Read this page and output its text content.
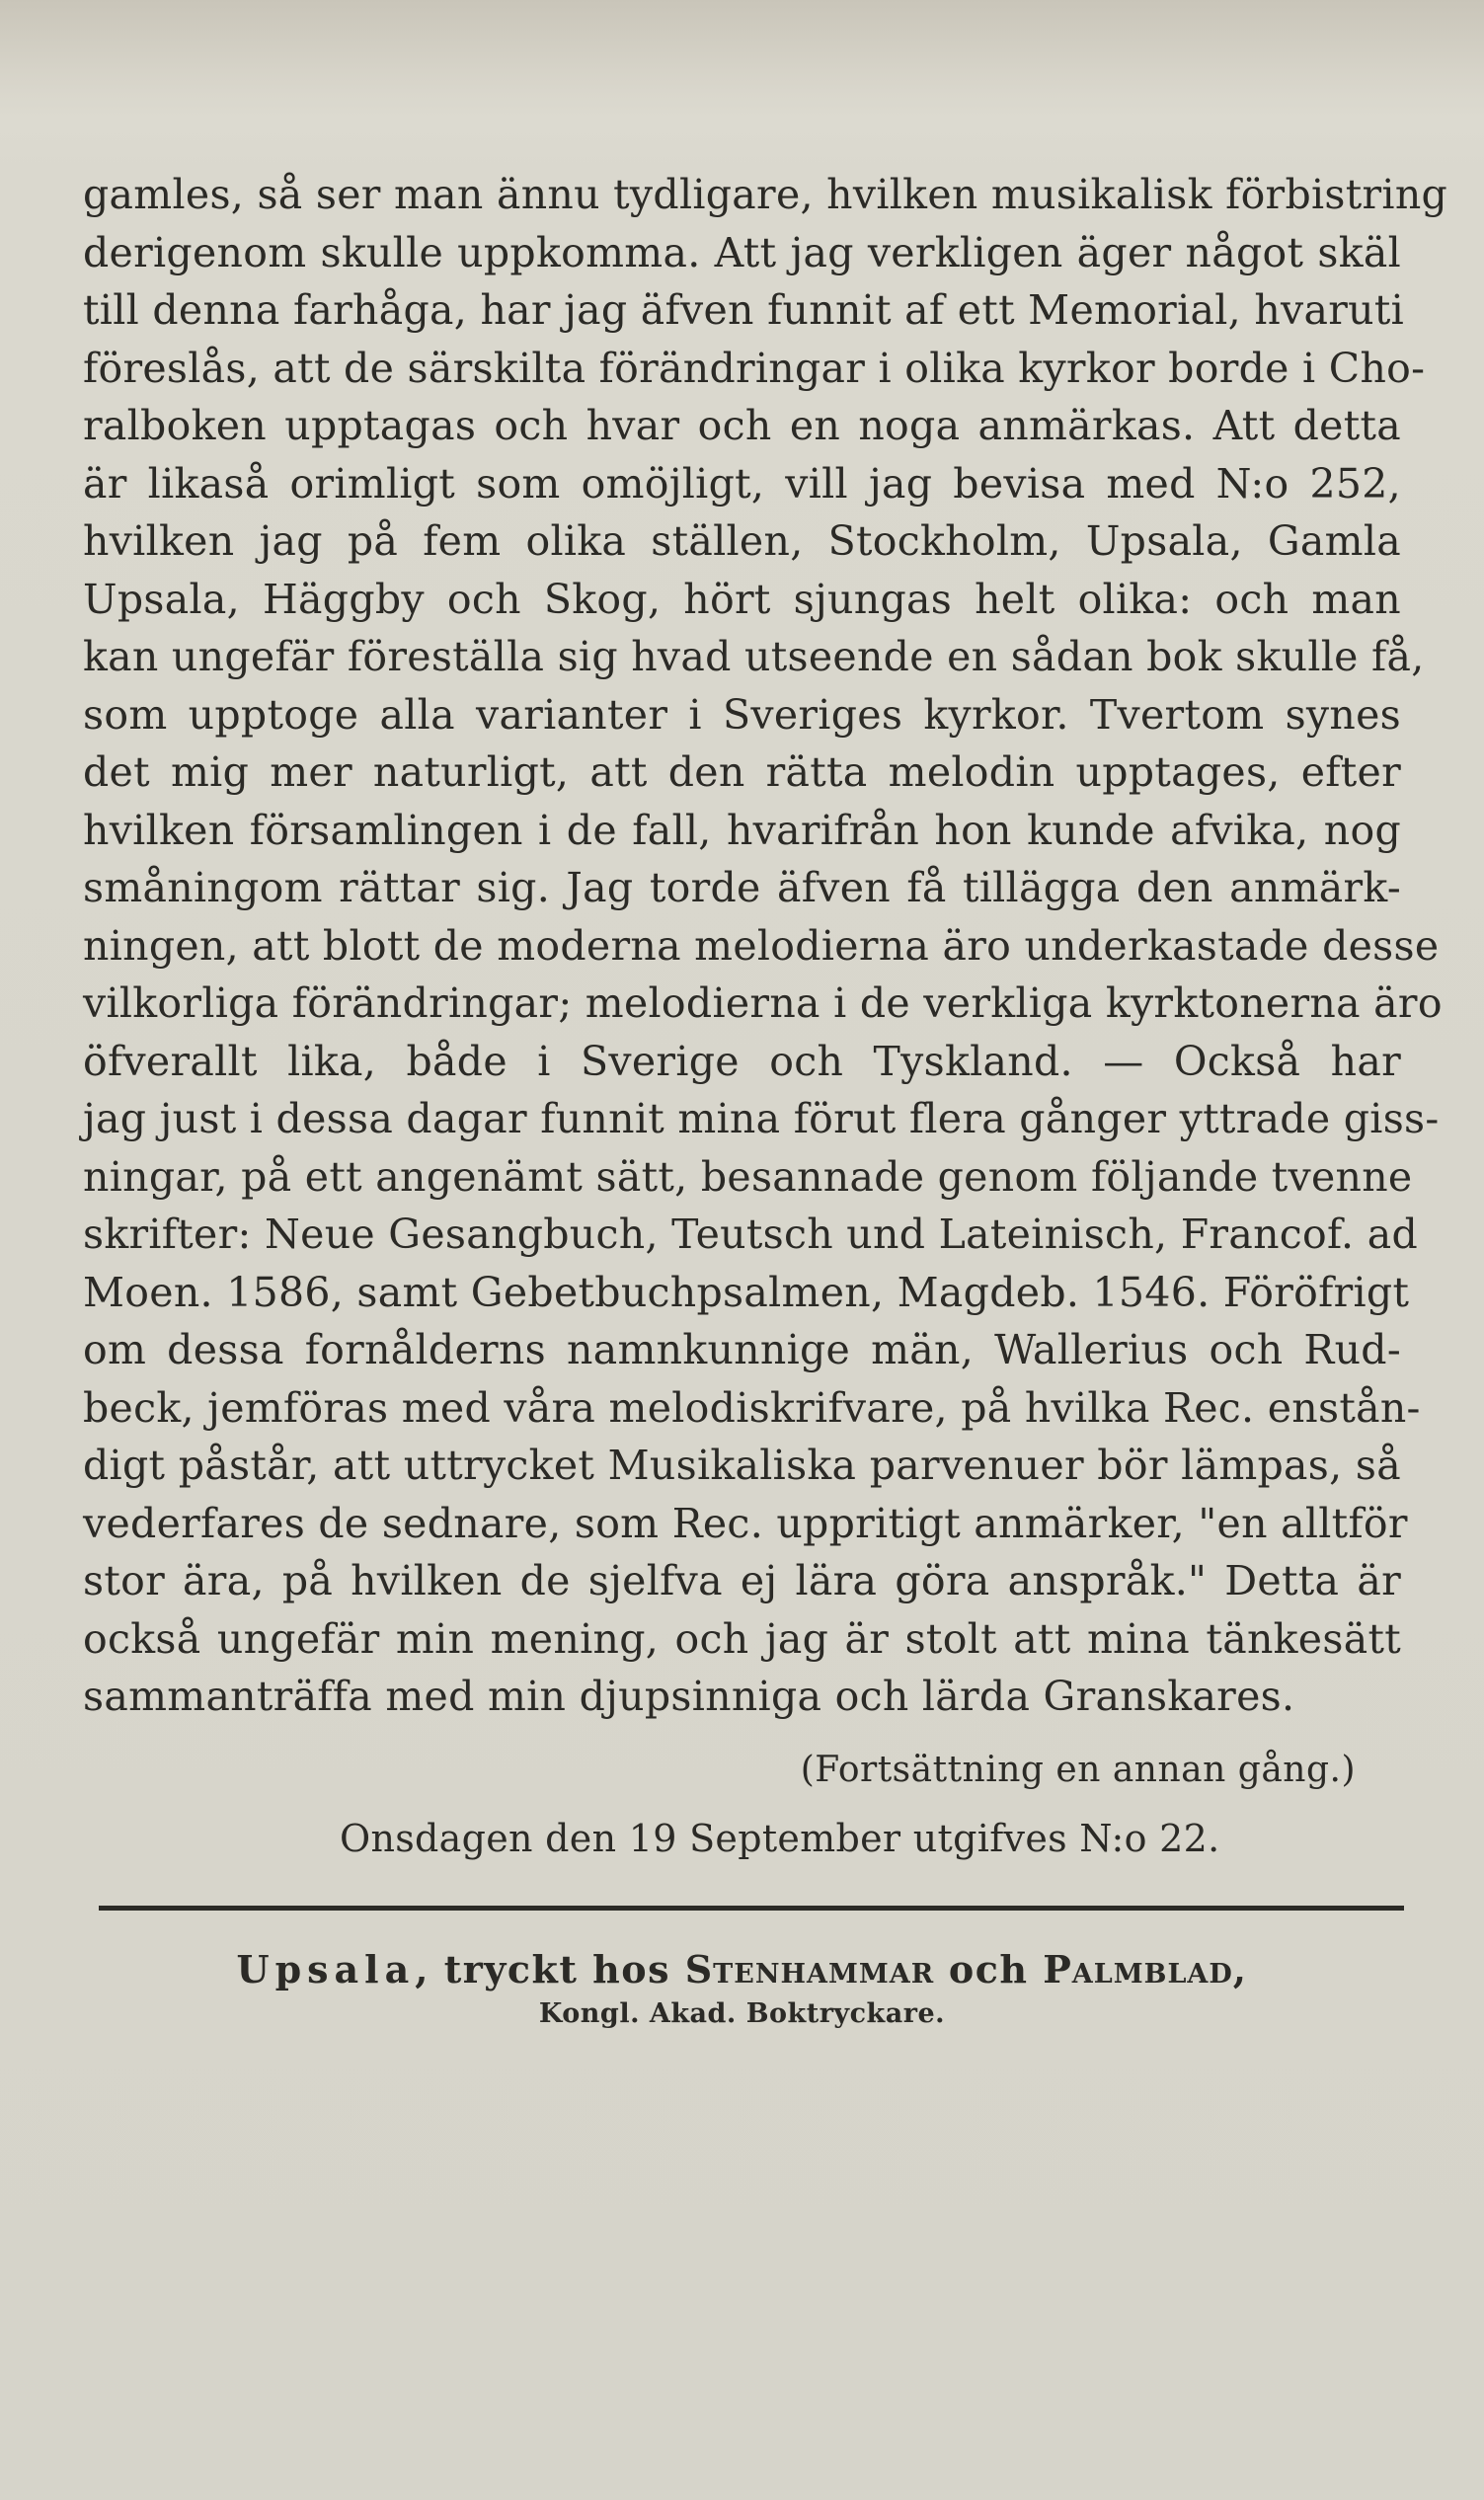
gamles, så ser man ännu tydligare, hvilken musikalisk förbistring
derigenom skulle uppkomma. Att jag verkligen äger något skäl
till denna farhåga, har jag äfven funnit af ett Memorial, hvaruti
föreslås, att de särskilta förändringar i olika kyrkor borde i Cho-
ralboken upptagas och hvar och en noga anmärkas. Att detta
är likaså orimligt som omöjligt, vill jag bevisa med N:o 252,
hvilken jag på fem olika ställen, Stockholm, Upsala, Gamla
Upsala, Häggby och Skog, hört sjungas helt olika: och man
kan ungefär föreställa sig hvad utseende en sådan bok skulle få,
som upptoge alla varianter i Sveriges kyrkor. Tvertom synes
det mig mer naturligt, att den rätta melodin upptages, efter
hvilken församlingen i de fall, hvarifrån hon kunde afvika, nog
småningom rättar sig. Jag torde äfven få tillägga den anmärk-
ningen, att blott de moderna melodierna äro underkastade desse
vilkorliga förändringar; melodierna i de verkliga kyrktonerna äro
öfverallt lika, både i Sverige och Tyskland. — Också har
jag just i dessa dagar funnit mina förut flera gånger yttrade giss-
ningar, på ett angenämt sätt, besannade genom följande tvenne
skrifter: Neue Gesangbuch, Teutsch und Lateinisch, Francof. ad
Moen. 1586, samt Gebetbuchpsalmen, Magdeb. 1546. Föröfrigt
om dessa fornålderns namnkunnige män, Wallerius och Rud-
beck, jemföras med våra melodiskrifvare, på hvilka Rec. enstån-
digt påstår, att uttrycket Musikaliska parvenuer bör lämpas, så
vederfares de sednare, som Rec. uppritigt anmärker, "en alltför
stor ära, på hvilken de sjelfva ej lära göra anspråk." Detta är
också ungefär min mening, och jag är stolt att mina tänkesätt
sammanträffa med min djupsinniga och lärda Granskares.
(Fortsättning en annan gång.)
Onsdagen den 19 September utgifves N:o 22.
Upsala, tryckt hos Stenhammar och Palmblad,
Kongl. Akad. Boktryckare.
